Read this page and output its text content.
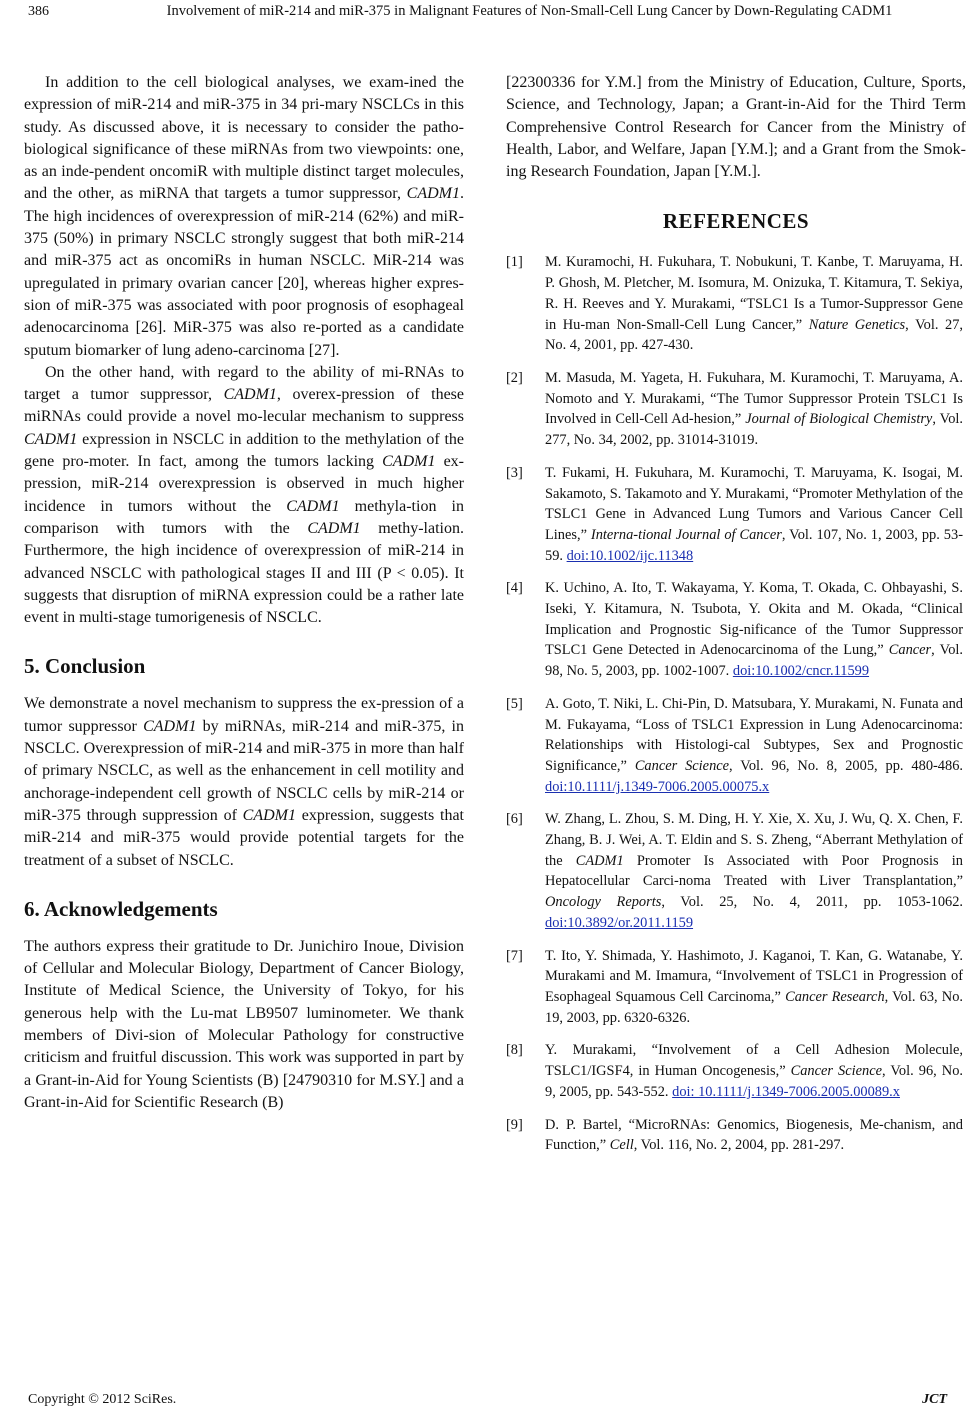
386	Involvement of miR-214 and miR-375 in Malignant Features of Non-Small-Cell Lung Cancer by Down-Regulating CADM1

In addition to the cell biological analyses, we exam-ined the expression of miR-214 and miR-375 in 34 pri-mary NSCLCs in this study. As discussed above, it is necessary to consider the patho-biological significance of these miRNAs from two viewpoints: one, as an inde-pendent oncomiR with multiple distinct target molecules, and the other, as miRNA that targets a tumor suppressor, CADM1. The high incidences of overexpression of miR-214 (62%) and miR-375 (50%) in primary NSCLC strongly suggest that both miR-214 and miR-375 act as oncomiRs in human NSCLC. MiR-214 was upregulated in primary ovarian cancer [20], whereas higher expres-sion of miR-375 was associated with poor prognosis of esophageal adenocarcinoma [26]. MiR-375 was also re-ported as a candidate sputum biomarker of lung adeno-carcinoma [27].

On the other hand, with regard to the ability of mi-RNAs to target a tumor suppressor, CADM1, overex-pression of these miRNAs could provide a novel mo-lecular mechanism to suppress CADM1 expression in NSCLC in addition to the methylation of the gene pro-moter. In fact, among the tumors lacking CADM1 ex-pression, miR-214 overexpression is observed in much higher incidence in tumors without the CADM1 methyla-tion in comparison with tumors with the CADM1 methy-lation. Furthermore, the high incidence of overexpression of miR-214 in advanced NSCLC with pathological stages II and III (P < 0.05). It suggests that disruption of miRNA expression could be a rather late event in multi-stage tumorigenesis of NSCLC.

5. Conclusion

We demonstrate a novel mechanism to suppress the ex-pression of a tumor suppressor CADM1 by miRNAs, miR-214 and miR-375, in NSCLC. Overexpression of miR-214 and miR-375 in more than half of primary NSCLC, as well as the enhancement in cell motility and anchorage-independent cell growth of NSCLC cells by miR-214 or miR-375 through suppression of CADM1 expression, suggests that miR-214 and miR-375 would provide potential targets for the treatment of a subset of NSCLC.

6. Acknowledgements

The authors express their gratitude to Dr. Junichiro Inoue, Division of Cellular and Molecular Biology, Department of Cancer Biology, Institute of Medical Science, the University of Tokyo, for his generous help with the Lu-mat LB9507 luminometer. We thank members of Divi-sion of Molecular Pathology for constructive criticism and fruitful discussion. This work was supported in part by a Grant-in-Aid for Young Scientists (B) [24790310 for M.SY.] and a Grant-in-Aid for Scientific Research (B)

[22300336 for Y.M.] from the Ministry of Education, Culture, Sports, Science, and Technology, Japan; a Grant-in-Aid for the Third Term Comprehensive Control Research for Cancer from the Ministry of Health, Labor, and Welfare, Japan [Y.M.]; and a Grant from the Smok-ing Research Foundation, Japan [Y.M.].

REFERENCES
[1]	M. Kuramochi, H. Fukuhara, T. Nobukuni, T. Kanbe, T. Maruyama, H. P. Ghosh, M. Pletcher, M. Isomura, M. Onizuka, T. Kitamura, T. Sekiya, R. H. Reeves and Y. Murakami, “TSLC1 Is a Tumor-Suppressor Gene in Hu-man Non-Small-Cell Lung Cancer,” Nature Genetics, Vol. 27, No. 4, 2001, pp. 427-430.
[2]	M. Masuda, M. Yageta, H. Fukuhara, M. Kuramochi, T. Maruyama, A. Nomoto and Y. Murakami, “The Tumor Suppressor Protein TSLC1 Is Involved in Cell-Cell Ad-hesion,” Journal of Biological Chemistry, Vol. 277, No. 34, 2002, pp. 31014-31019.
[3]	T. Fukami, H. Fukuhara, M. Kuramochi, T. Maruyama, K. Isogai, M. Sakamoto, S. Takamoto and Y. Murakami, “Promoter Methylation of the TSLC1 Gene in Advanced Lung Tumors and Various Cancer Cell Lines,” Interna-tional Journal of Cancer, Vol. 107, No. 1, 2003, pp. 53-59. doi:10.1002/ijc.11348
[4]	K. Uchino, A. Ito, T. Wakayama, Y. Koma, T. Okada, C. Ohbayashi, S. Iseki, Y. Kitamura, N. Tsubota, Y. Okita and M. Okada, “Clinical Implication and Prognostic Sig-nificance of the Tumor Suppressor TSLC1 Gene Detected in Adenocarcinoma of the Lung,” Cancer, Vol. 98, No. 5, 2003, pp. 1002-1007. doi:10.1002/cncr.11599
[5]	A. Goto, T. Niki, L. Chi-Pin, D. Matsubara, Y. Murakami, N. Funata and M. Fukayama, “Loss of TSLC1 Expression in Lung Adenocarcinoma: Relationships with Histologi-cal Subtypes, Sex and Prognostic Significance,” Cancer Science, Vol. 96, No. 8, 2005, pp. 480-486. doi:10.1111/j.1349-7006.2005.00075.x
[6]	W. Zhang, L. Zhou, S. M. Ding, H. Y. Xie, X. Xu, J. Wu, Q. X. Chen, F. Zhang, B. J. Wei, A. T. Eldin and S. S. Zheng, “Aberrant Methylation of the CADM1 Promoter Is Associated with Poor Prognosis in Hepatocellular Carci-noma Treated with Liver Transplantation,” Oncology Reports, Vol. 25, No. 4, 2011, pp. 1053-1062. doi:10.3892/or.2011.1159
[7]	T. Ito, Y. Shimada, Y. Hashimoto, J. Kaganoi, T. Kan, G. Watanabe, Y. Murakami and M. Imamura, “Involvement of TSLC1 in Progression of Esophageal Squamous Cell Carcinoma,” Cancer Research, Vol. 63, No. 19, 2003, pp. 6320-6326.
[8]	Y. Murakami, “Involvement of a Cell Adhesion Molecule, TSLC1/IGSF4, in Human Oncogenesis,” Cancer Science, Vol. 96, No. 9, 2005, pp. 543-552. doi: 10.1111/j.1349-7006.2005.00089.x
[9]	D. P. Bartel, “MicroRNAs: Genomics, Biogenesis, Me-chanism, and Function,” Cell, Vol. 116, No. 2, 2004, pp. 281-297.
Copyright © 2012 SciRes.	JCT
